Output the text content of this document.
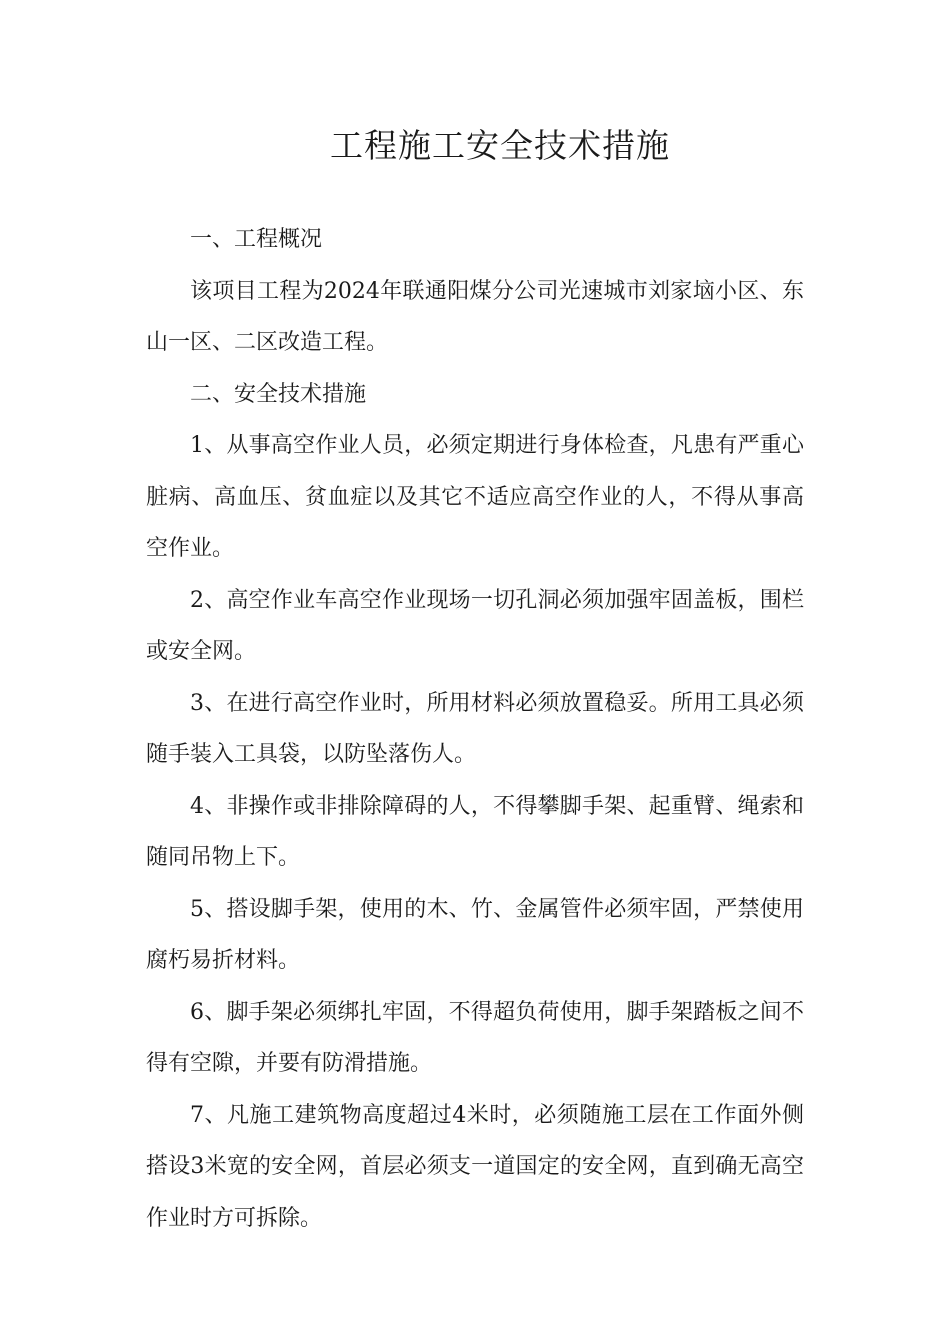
工程施工安全技术措施

一、工程概况

该项目工程为2024年联通阳煤分公司光速城市刘家垴小区、东山一区、二区改造工程。

二、安全技术措施

1、从事高空作业人员，必须定期进行身体检查，凡患有严重心脏病、高血压、贫血症以及其它不适应高空作业的人，不得从事高空作业。

2、高空作业车高空作业现场一切孔洞必须加强牢固盖板，围栏或安全网。

3、在进行高空作业时，所用材料必须放置稳妥。所用工具必须随手装入工具袋，以防坠落伤人。

4、非操作或非排除障碍的人，不得攀脚手架、起重臂、绳索和随同吊物上下。

5、搭设脚手架，使用的木、竹、金属管件必须牢固，严禁使用腐朽易折材料。

6、脚手架必须绑扎牢固，不得超负荷使用，脚手架踏板之间不得有空隙，并要有防滑措施。

7、凡施工建筑物高度超过4米时，必须随施工层在工作面外侧搭设3米宽的安全网，首层必须支一道国定的安全网，直到确无高空作业时方可拆除。
